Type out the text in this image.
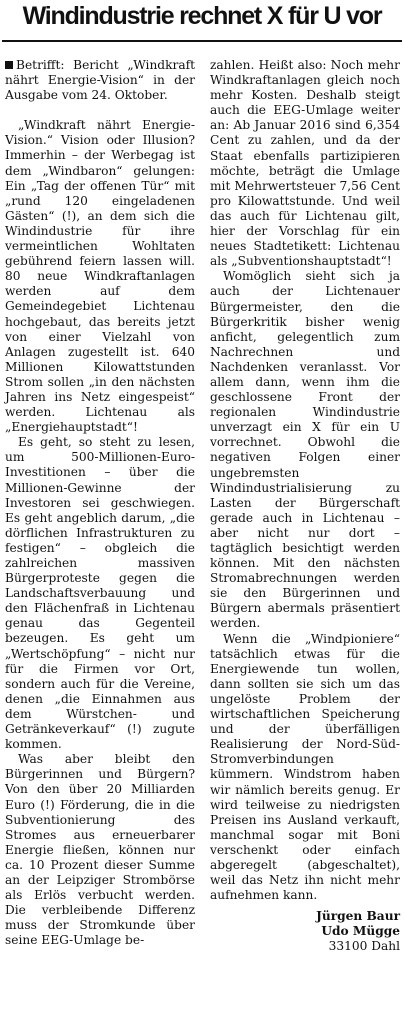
Windindustrie rechnet X für U vor

Betrifft: Bericht „Windkraft nährt Energie-Vision“ in der Ausgabe vom 24. Oktober.

„Windkraft nährt Energie-Vision.“ Vision oder Illusion? Immerhin – der Werbegag ist dem „Windbaron“ gelungen: Ein „Tag der offenen Tür“ mit „rund 120 eingeladenen Gästen“ (!), an dem sich die Windindustrie für ihre vermeintlichen Wohltaten gebührend feiern lassen will. 80 neue Windkraftanlagen werden auf dem Gemeindegebiet Lichtenau hochgebaut, das bereits jetzt von einer Vielzahl von Anlagen zugestellt ist. 640 Millionen Kilowattstunden Strom sollen „in den nächsten Jahren ins Netz eingespeist“ werden. Lichtenau als „Energiehauptstadt“!

Es geht, so steht zu lesen, um 500-Millionen-Euro-Investitionen – über die Millionen-Gewinne der Investoren sei geschwiegen. Es geht angeblich darum, „die dörflichen Infrastrukturen zu festigen“ – obgleich die zahlreichen massiven Bürgerproteste gegen die Landschaftsverbauung und den Flächenfraß in Lichtenau genau das Gegenteil bezeugen. Es geht um „Wertschöpfung“ – nicht nur für die Firmen vor Ort, sondern auch für die Vereine, denen „die Einnahmen aus dem Würstchen- und Getränkeverkauf“ (!) zugute kommen.

Was aber bleibt den Bürgerinnen und Bürgern? Von den über 20 Milliarden Euro (!) Förderung, die in die Subventionierung des Stromes aus erneuerbarer Energie fließen, können nur ca. 10 Prozent dieser Summe an der Leipziger Strombörse als Erlös verbucht werden. Die verbleibende Differenz muss der Stromkunde über seine EEG-Umlage be-

zahlen. Heißt also: Noch mehr Windkraftanlagen gleich noch mehr Kosten. Deshalb steigt auch die EEG-Umlage weiter an: Ab Januar 2016 sind 6,354 Cent zu zahlen, und da der Staat ebenfalls partizipieren möchte, beträgt die Umlage mit Mehrwertsteuer 7,56 Cent pro Kilowattstunde. Und weil das auch für Lichtenau gilt, hier der Vorschlag für ein neues Stadtetikett: Lichtenau als „Subventionshauptstadt“!

Womöglich sieht sich ja auch der Lichtenauer Bürgermeister, den die Bürgerkritik bisher wenig anficht, gelegentlich zum Nachrechnen und Nachdenken veranlasst. Vor allem dann, wenn ihm die geschlossene Front der regionalen Windindustrie unverzagt ein X für ein U vorrechnet. Obwohl die negativen Folgen einer ungebremsten Windindustrialisierung zu Lasten der Bürgerschaft gerade auch in Lichtenau – aber nicht nur dort – tagtäglich besichtigt werden können. Mit den nächsten Stromabrechnungen werden sie den Bürgerinnen und Bürgern abermals präsentiert werden.

Wenn die „Windpioniere“ tatsächlich etwas für die Energiewende tun wollen, dann sollten sie sich um das ungelöste Problem der wirtschaftlichen Speicherung und der überfälligen Realisierung der Nord-Süd-Stromverbindungen kümmern. Windstrom haben wir nämlich bereits genug. Er wird teilweise zu niedrigsten Preisen ins Ausland verkauft, manchmal sogar mit Boni verschenkt oder einfach abgeregelt (abgeschaltet), weil das Netz ihn nicht mehr aufnehmen kann.

Jürgen Baur
Udo Mügge
33100 Dahl
